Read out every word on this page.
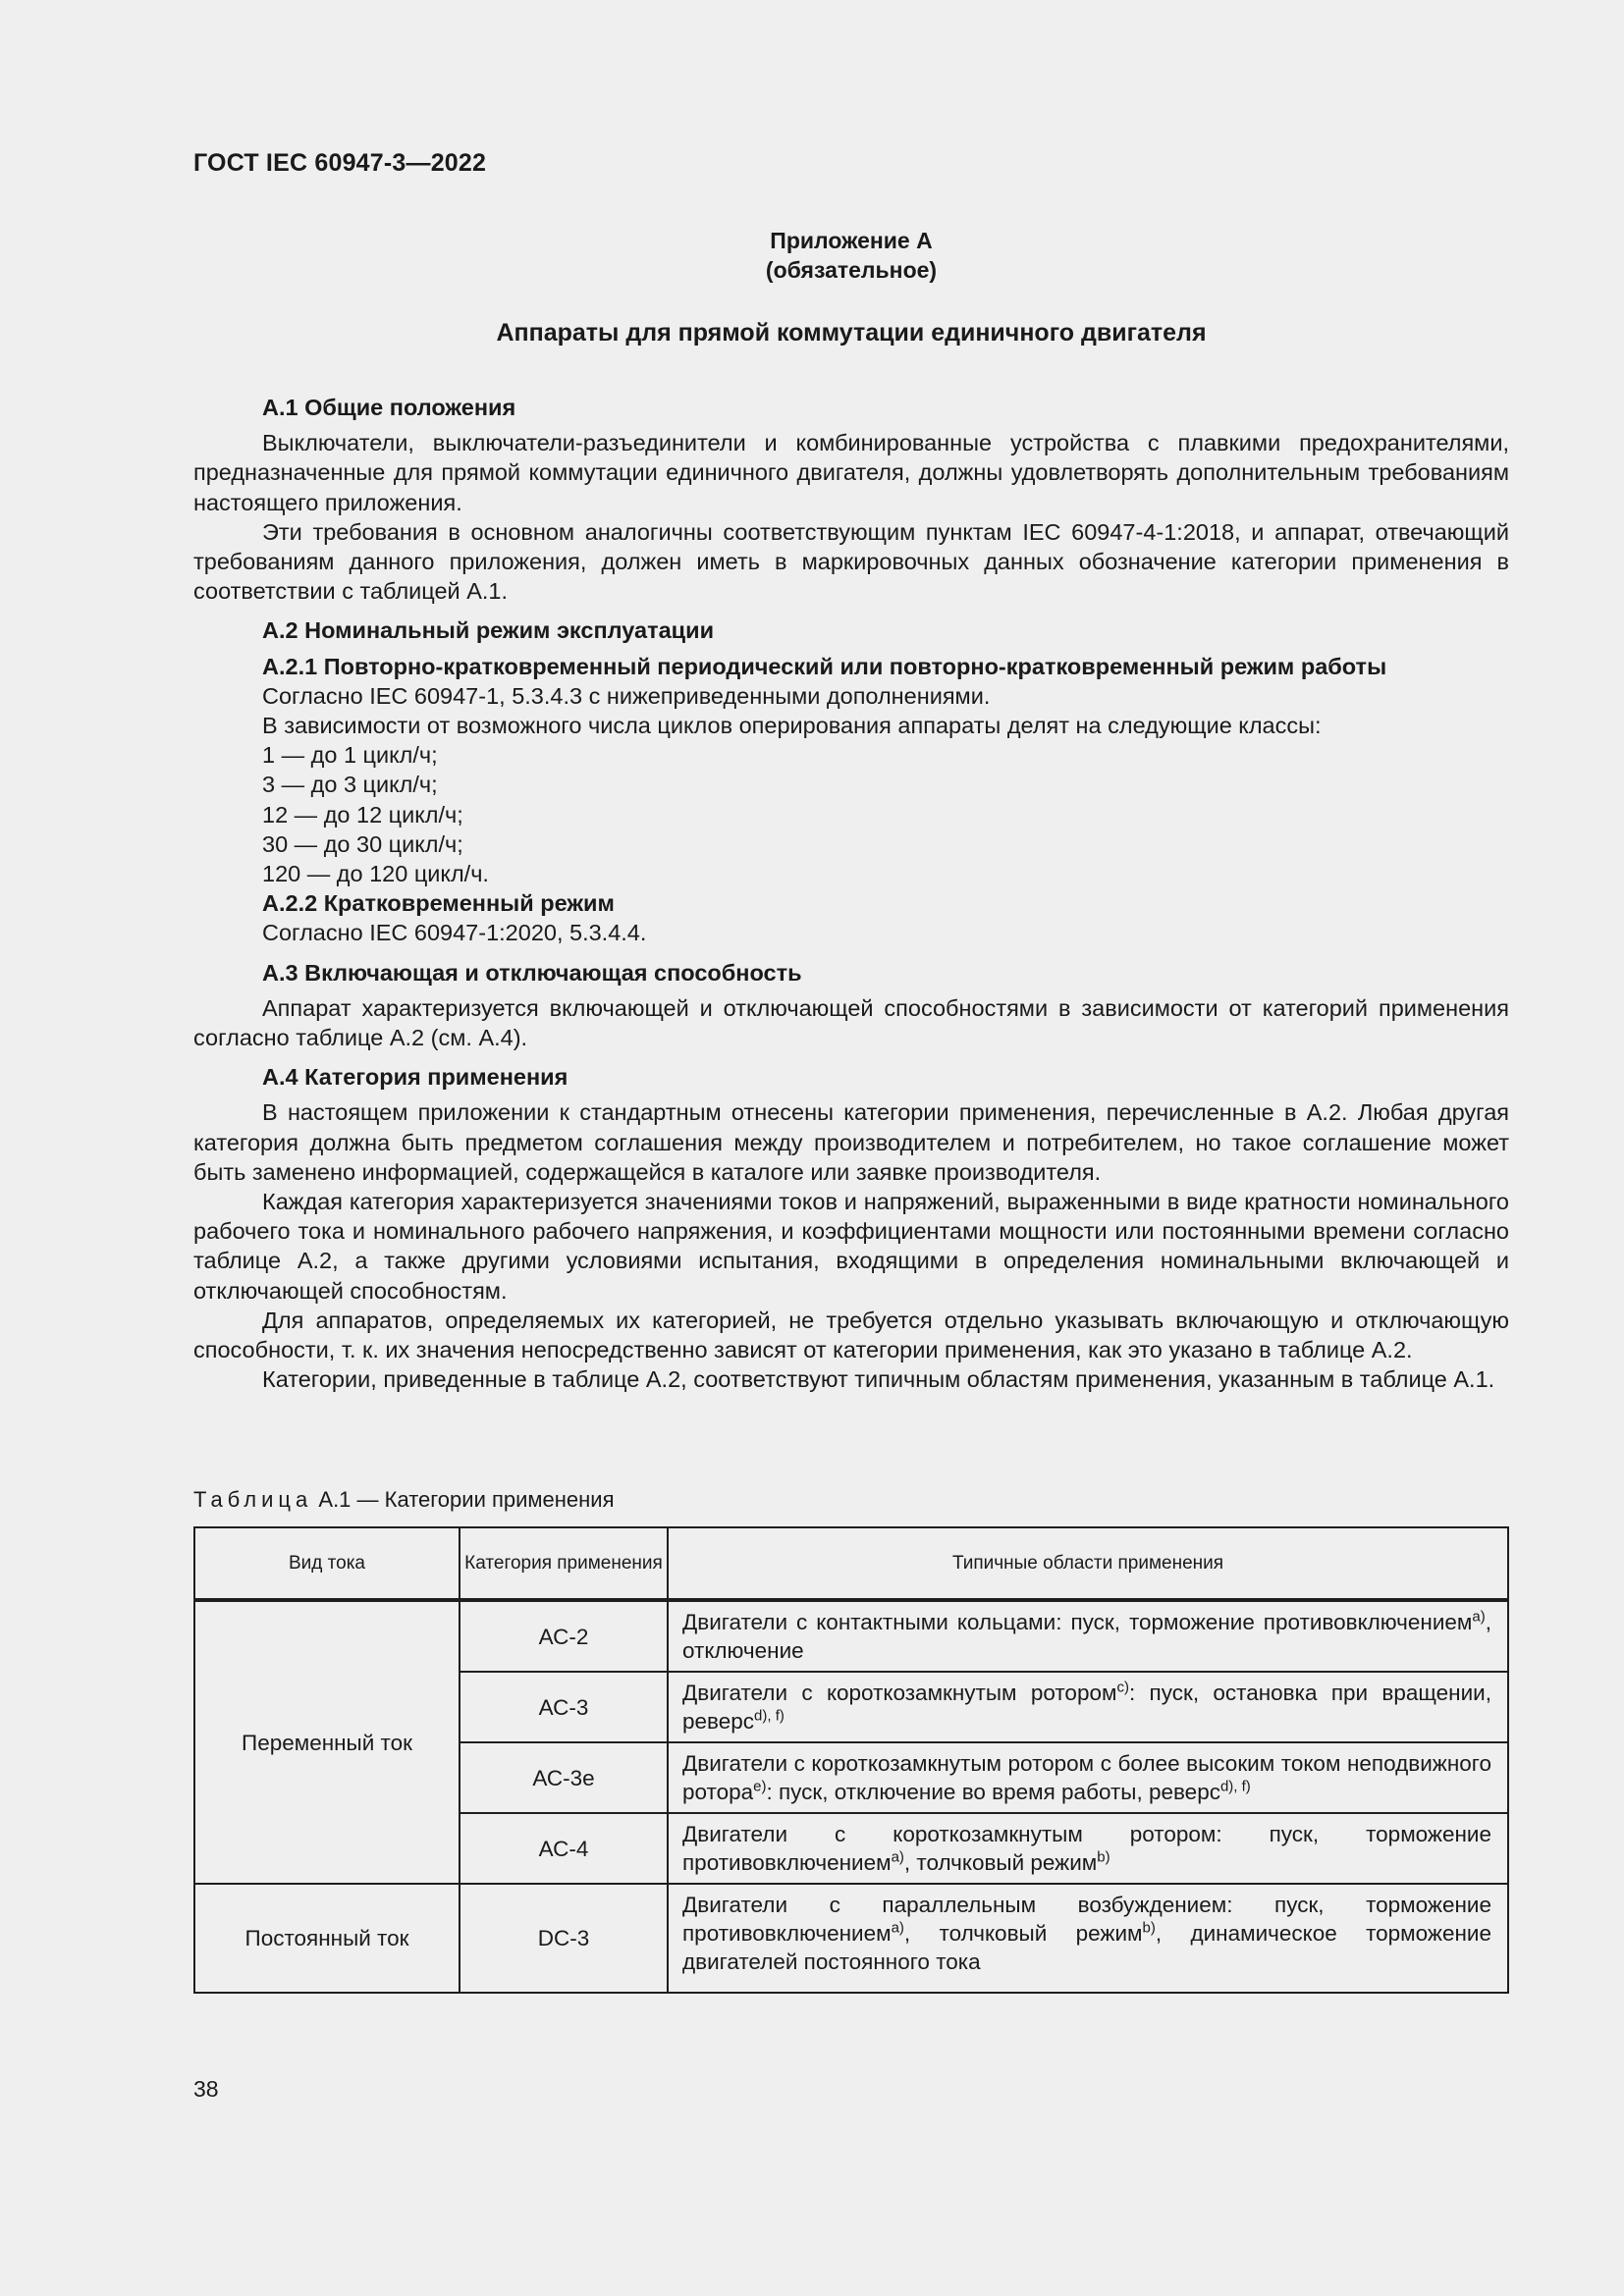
ГОСТ IEC 60947-3—2022
Приложение А
(обязательное)
Аппараты для прямой коммутации единичного двигателя

А.1 Общие положения

Выключатели, выключатели-разъединители и комбинированные устройства с плавкими предохранителями, предназначенные для прямой коммутации единичного двигателя, должны удовлетворять дополнительным требованиям настоящего приложения.

Эти требования в основном аналогичны соответствующим пунктам IEC 60947-4-1:2018, и аппарат, отвечающий требованиям данного приложения, должен иметь в маркировочных данных обозначение категории применения в соответствии с таблицей А.1.

А.2 Номинальный режим эксплуатации

А.2.1 Повторно-кратковременный периодический или повторно-кратковременный режим работы

Согласно IEC 60947-1, 5.3.4.3 с нижеприведенными дополнениями.

В зависимости от возможного числа циклов оперирования аппараты делят на следующие классы:

1 — до 1 цикл/ч;

3 — до 3 цикл/ч;

12 — до 12 цикл/ч;

30 — до 30 цикл/ч;

120 — до 120 цикл/ч.

А.2.2 Кратковременный режим

Согласно IEC 60947-1:2020, 5.3.4.4.

А.3 Включающая и отключающая способность

Аппарат характеризуется включающей и отключающей способностями в зависимости от категорий применения согласно таблице А.2 (см. А.4).

А.4 Категория применения

В настоящем приложении к стандартным отнесены категории применения, перечисленные в А.2. Любая другая категория должна быть предметом соглашения между производителем и потребителем, но такое соглашение может быть заменено информацией, содержащейся в каталоге или заявке производителя.

Каждая категория характеризуется значениями токов и напряжений, выраженными в виде кратности номинального рабочего тока и номинального рабочего напряжения, и коэффициентами мощности или постоянными времени согласно таблице А.2, а также другими условиями испытания, входящими в определения номинальными включающей и отключающей способностям.

Для аппаратов, определяемых их категорией, не требуется отдельно указывать включающую и отключающую способности, т. к. их значения непосредственно зависят от категории применения, как это указано в таблице А.2.

Категории, приведенные в таблице А.2, соответствуют типичным областям применения, указанным в таблице А.1.

Таблица А.1 — Категории применения
Вид тока	Категория применения	Типичные области применения
Переменный ток	АС-2	Двигатели с контактными кольцами: пуск, торможение противовключением$^{a)}$, отключение
	АС-3	Двигатели с короткозамкнутым ротором$^{c)}$: пуск, остановка при вращении, реверс$^{d), f)}$
	АС-3е	Двигатели с короткозамкнутым ротором с более высоким током неподвижного ротора$^{e)}$: пуск, отключение во время работы, реверс$^{d), f)}$
	АС-4	Двигатели с короткозамкнутым ротором: пуск, торможение противовключением$^{a)}$, толчковый режим$^{b)}$
Постоянный ток	DC-3	Двигатели с параллельным возбуждением: пуск, торможение противовключением$^{a)}$, толчковый режим$^{b)}$, динамическое торможение двигателей постоянного тока
38
